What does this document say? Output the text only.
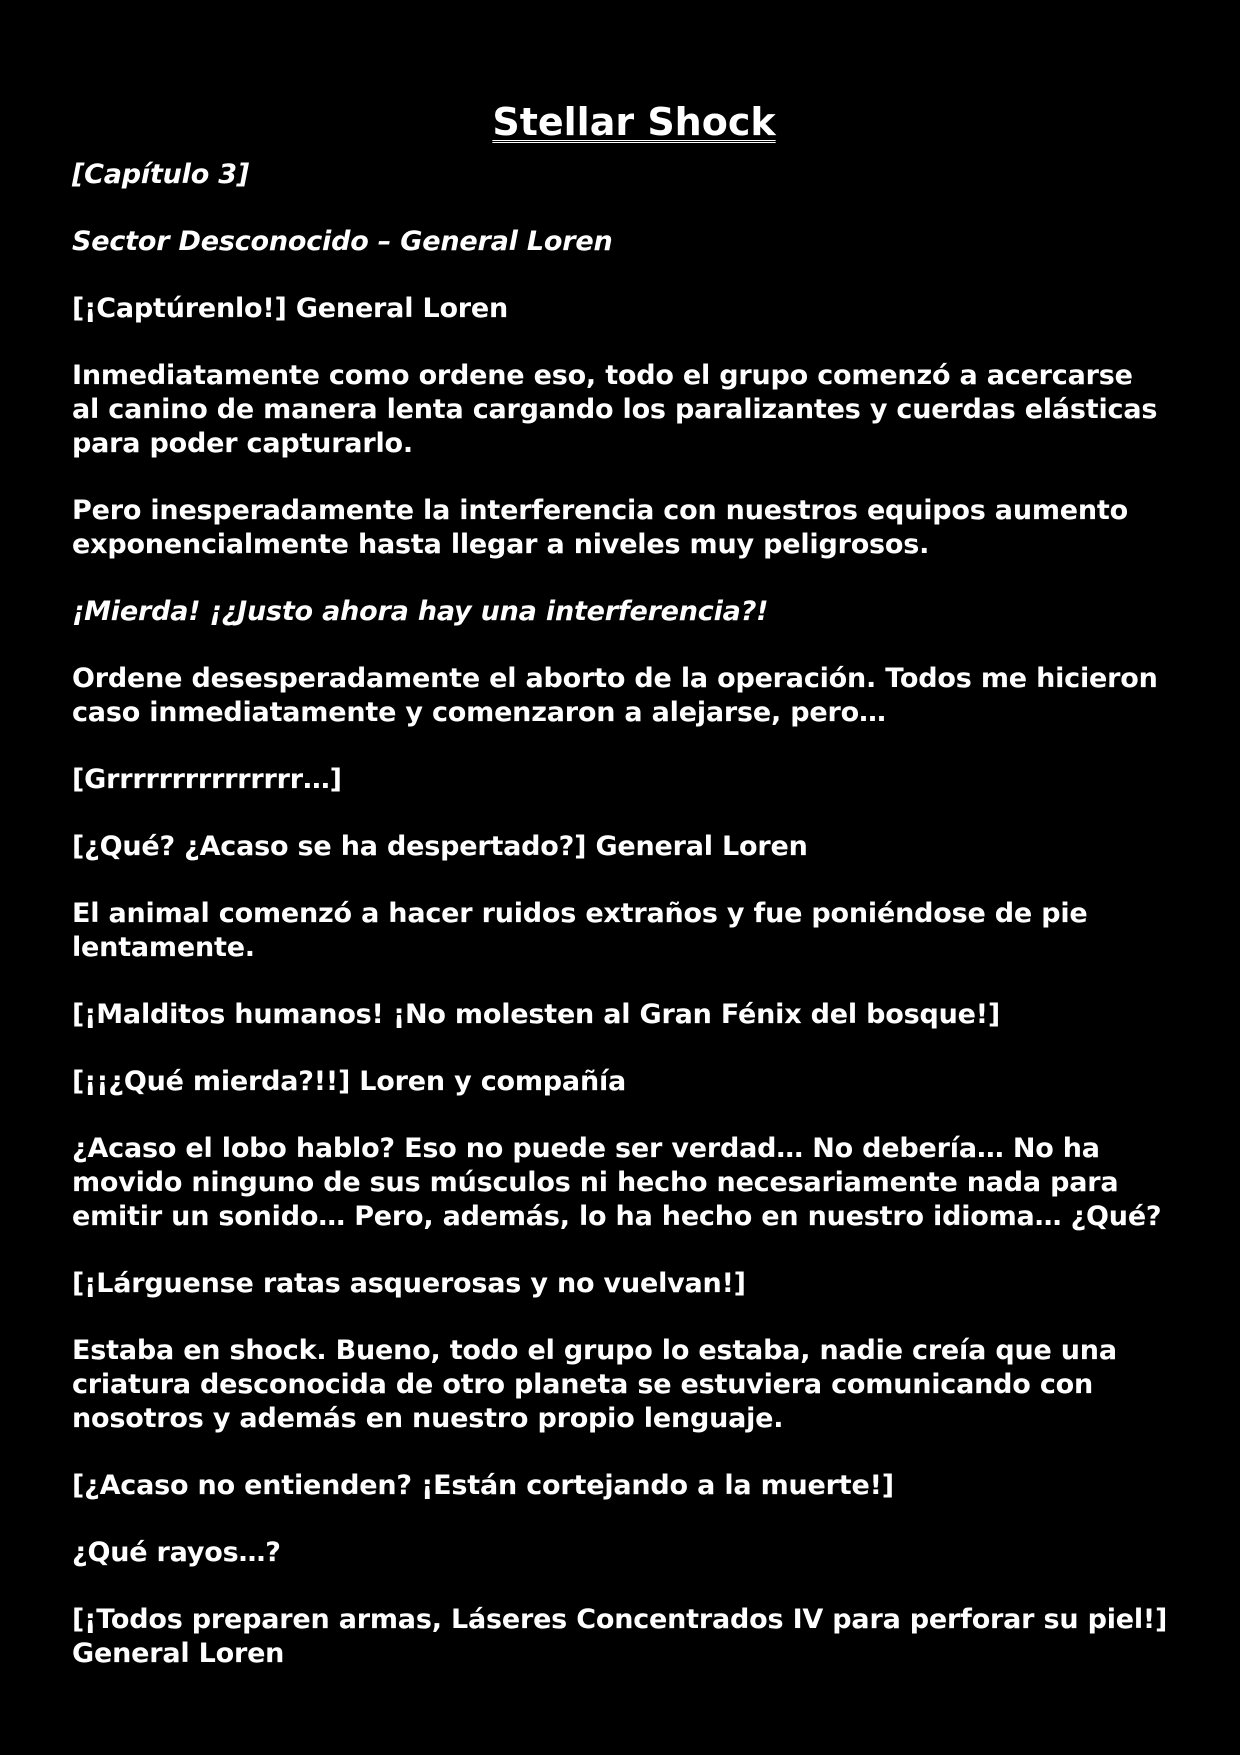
Stellar Shock

[Capítulo 3]

Sector Desconocido – General Loren

[¡Captúrenlo!] General Loren

Inmediatamente como ordene eso, todo el grupo comenzó a acercarse al canino de manera lenta cargando los paralizantes y cuerdas elásticas para poder capturarlo.

Pero inesperadamente la interferencia con nuestros equipos aumento exponencialmente hasta llegar a niveles muy peligrosos.

¡Mierda! ¡¿Justo ahora hay una interferencia?!

Ordene desesperadamente el aborto de la operación. Todos me hicieron caso inmediatamente y comenzaron a alejarse, pero…

[Grrrrrrrrrrrrrrr…]

[¿Qué? ¿Acaso se ha despertado?] General Loren

El animal comenzó a hacer ruidos extraños y fue poniéndose de pie lentamente.

[¡Malditos humanos! ¡No molesten al Gran Fénix del bosque!]

[¡¡¿Qué mierda?!!] Loren y compañía

¿Acaso el lobo hablo? Eso no puede ser verdad… No debería… No ha movido ninguno de sus músculos ni hecho necesariamente nada para emitir un sonido… Pero, además, lo ha hecho en nuestro idioma… ¿Qué?

[¡Lárguense ratas asquerosas y no vuelvan!]

Estaba en shock. Bueno, todo el grupo lo estaba, nadie creía que una criatura desconocida de otro planeta se estuviera comunicando con nosotros y además en nuestro propio lenguaje.

[¿Acaso no entienden? ¡Están cortejando a la muerte!]

¿Qué rayos…?

[¡Todos preparen armas, Láseres Concentrados IV para perforar su piel!] General Loren
